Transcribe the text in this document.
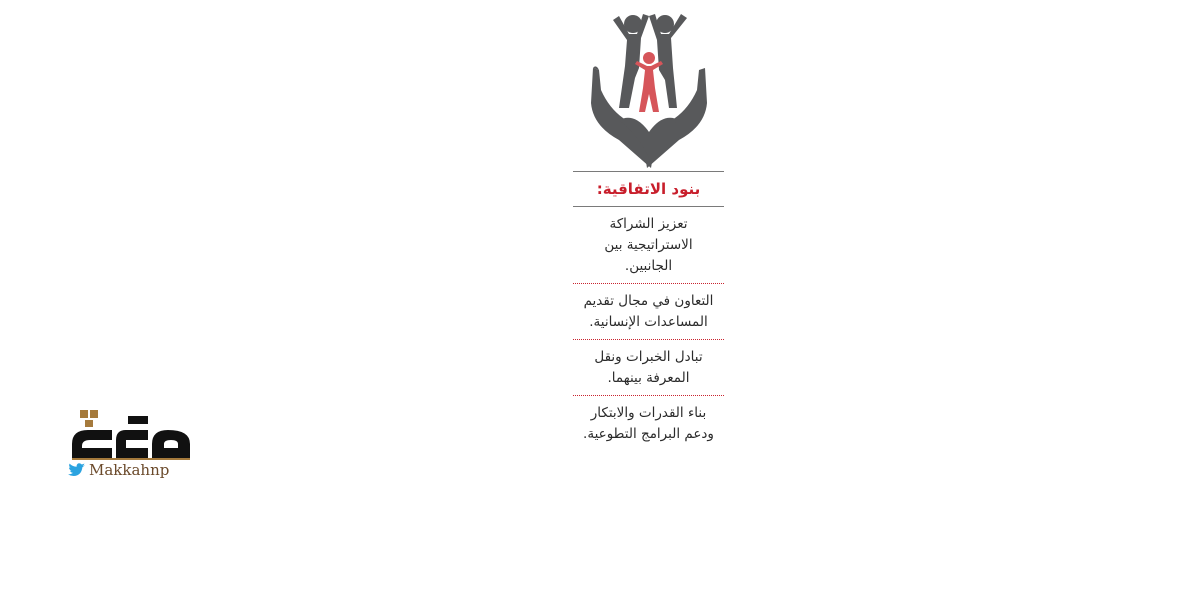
بنود الاتفاقية:
تعزيز الشراكة الاستراتيجية بين الجانبين.
التعاون في مجال تقديم المساعدات الإنسانية.
تبادل الخبرات ونقل المعرفة بينهما.
بناء القدرات والابتكار ودعم البرامج التطوعية.
Makkahnp
